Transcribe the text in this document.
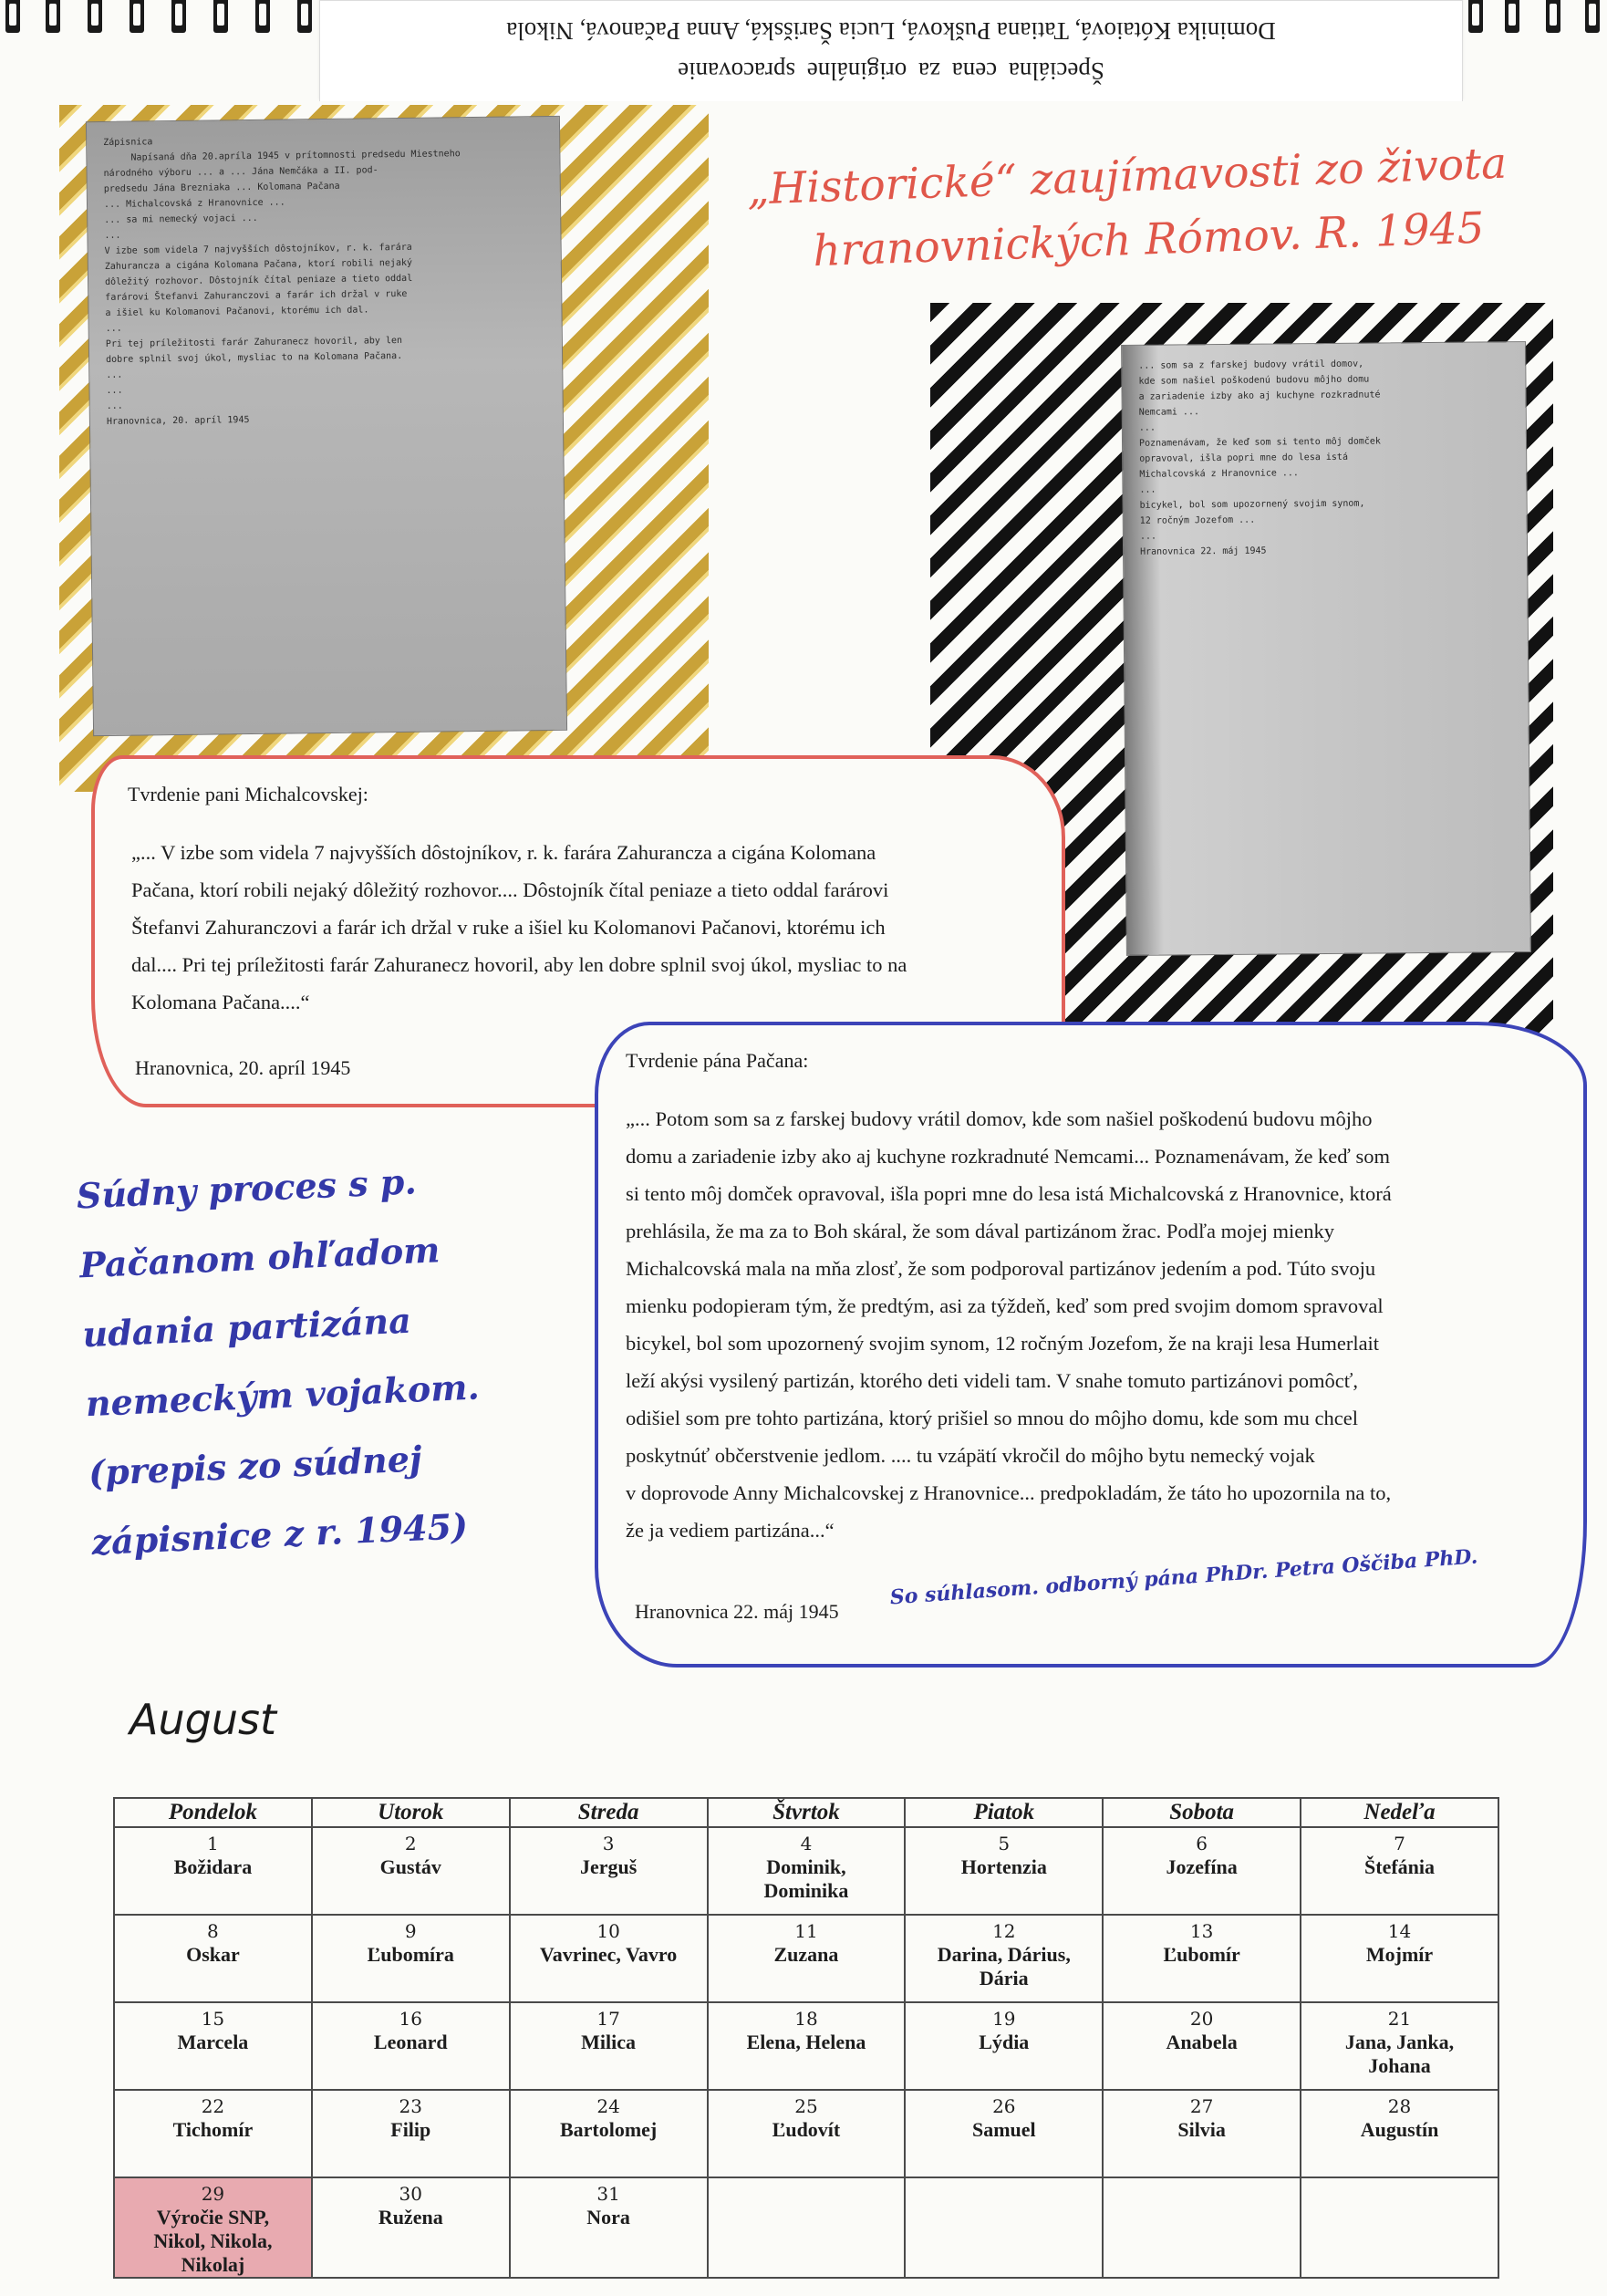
Špeciálna cena za originálne spracovanie
Dominika Kótaiová, Tatiana Pušková, Lucia Šarišská, Anna Pačanová, Nikola
Zápisnica
Napísaná dňa 20.apríla 1945 v prítomnosti predsedu Miestneho
národného výboru ... a ... Jána Nemčáka a II. pod-
predsedu Jána Brezniaka ... Kolomana Pačana
... Michalcovská z Hranovnice ...
... sa mi nemecký vojaci ...
...
V izbe som videla 7 najvyšších dôstojníkov, r. k. farára
Zahurancza a cigána Kolomana Pačana, ktorí robili nejaký
dôležitý rozhovor. Dôstojník čítal peniaze a tieto oddal
farárovi Štefanvi Zahuranczovi a farár ich držal v ruke
a išiel ku Kolomanovi Pačanovi, ktorému ich dal.
...
Pri tej príležitosti farár Zahuranecz hovoril, aby len
dobre splnil svoj úkol, mysliac to na Kolomana Pačana.
...
...
...
Hranovnica, 20. apríl 1945
... som sa z farskej budovy vrátil domov,
kde som našiel poškodenú budovu môjho domu
a zariadenie izby ako aj kuchyne rozkradnuté
Nemcami ...
...
Poznamenávam, že keď som si tento môj domček
opravoval, išla popri mne do lesa istá
Michalcovská z Hranovnice ...
...
bicykel, bol som upozornený svojim synom,
12 ročným Jozefom ...
...
Hranovnica 22. máj 1945
„Historické“ zaujímavosti zo života
hranovnických Rómov. R. 1945
Tvrdenie pani Michalcovskej:
„... V izbe som videla 7 najvyšších dôstojníkov, r. k. farára Zahurancza a cigána Kolomana
Pačana, ktorí robili nejaký dôležitý rozhovor.... Dôstojník čítal peniaze a tieto oddal farárovi
Štefanvi Zahuranczovi a farár ich držal v ruke a išiel ku Kolomanovi Pačanovi, ktorému ich
dal.... Pri tej príležitosti farár Zahuranecz hovoril, aby len dobre splnil svoj úkol, mysliac to na
Kolomana Pačana....“
Hranovnica, 20. apríl 1945	Tvrdenie pána Pačana:
„... Potom som sa z farskej budovy vrátil domov, kde som našiel poškodenú budovu môjho
domu a zariadenie izby ako aj kuchyne rozkradnuté Nemcami... Poznamenávam, že keď som
si tento môj domček opravoval, išla popri mne do lesa istá Michalcovská z Hranovnice, ktorá
prehlásila, že ma za to Boh skáral, že som dával partizánom žrac. Podľa mojej mienky
Michalcovská mala na mňa zlosť, že som podporoval partizánov jedením a pod. Túto svoju
mienku podopieram tým, že predtým, asi za týždeň, keď som pred svojim domom spravoval
bicykel, bol som upozornený svojim synom, 12 ročným Jozefom, že na kraji lesa Humerlait
leží akýsi vysilený partizán, ktorého deti videli tam. V snahe tomuto partizánovi pomôcť,
odišiel som pre tohto partizána, ktorý prišiel so mnou do môjho domu, kde som mu chcel
poskytnúť občerstvenie jedlom. .... tu vzápätí vkročil do môjho bytu nemecký vojak
v doprovode Anny Michalcovskej z Hranovnice... predpokladám, že táto ho upozornila na to,
že ja vediem partizána...“
Hranovnica 22. máj 1945
Súdny proces s p.
Pačanom ohľadom
udania partizána
nemeckým vojakom.
(prepis zo súdnej
zápisnice z r. 1945)
So súhlasom. odborný pána PhDr. Petra Oščiba PhD.
August
Pondelok	Utorok	Streda	Štvrtok	Piatok	Sobota	Nedeľa

1
Božidara	2
Gustáv	3
Jerguš	4
Dominik,
Dominika	5
Hortenzia	6
Jozefína	7
Štefánia

8
Oskar	9
Ľubomíra	10
Vavrinec, Vavro	11
Zuzana	12
Darina, Dárius,
Dária	13
Ľubomír	14
Mojmír

15
Marcela	16
Leonard	17
Milica	18
Elena, Helena	19
Lýdia	20
Anabela	21
Jana, Janka,
Johana

22
Tichomír	23
Filip	24
Bartolomej	25
Ľudovít	26
Samuel	27
Silvia	28
Augustín

29
Výročie SNP,
Nikol, Nikola,
Nikolaj	30
Ružena	31
Nora				
